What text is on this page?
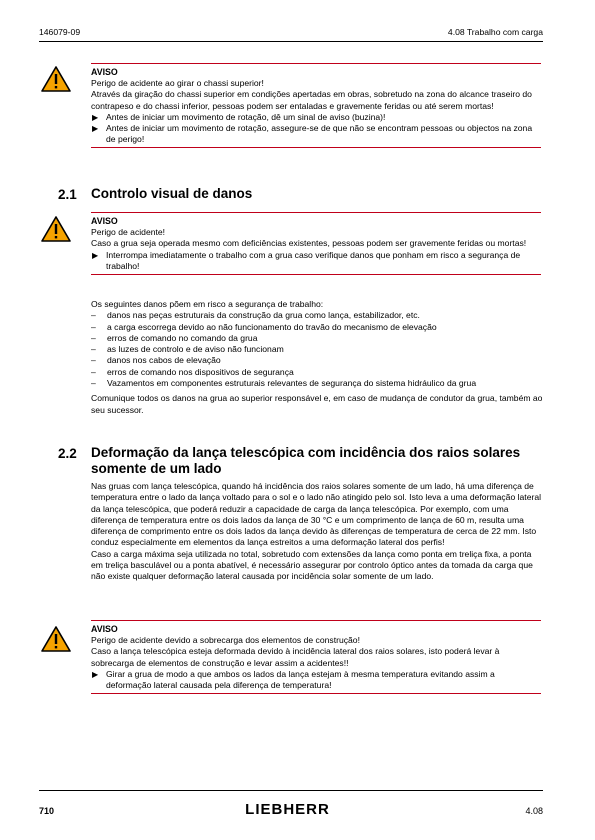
146079-09	4.08 Trabalho com carga
AVISO
Perigo de acidente ao girar o chassi superior!
Através da giração do chassi superior em condições apertadas em obras, sobretudo na zona do alcance traseiro do contrapeso e do chassi inferior, pessoas podem ser entaladas e gravemente feridas ou até serem mortas!
▶ Antes de iniciar um movimento de rotação, dê um sinal de aviso (buzina)!
▶ Antes de iniciar um movimento de rotação, assegure-se de que não se encontram pessoas ou objectos na zona de perigo!
2.1 Controlo visual de danos
AVISO
Perigo de acidente!
Caso a grua seja operada mesmo com deficiências existentes, pessoas podem ser gravemente feridas ou mortas!
▶ Interrompa imediatamente o trabalho com a grua caso verifique danos que ponham em risco a segurança de trabalho!
Os seguintes danos põem em risco a segurança de trabalho:
– danos nas peças estruturais da construção da grua como lança, estabilizador, etc.
– a carga escorrega devido ao não funcionamento do travão do mecanismo de elevação
– erros de comando no comando da grua
– as luzes de controlo e de aviso não funcionam
– danos nos cabos de elevação
– erros de comando nos dispositivos de segurança
– Vazamentos em componentes estruturais relevantes de segurança do sistema hidráulico da grua
Comunique todos os danos na grua ao superior responsável e, em caso de mudança de condutor da grua, também ao seu sucessor.
2.2 Deformação da lança telescópica com incidência dos raios solares somente de um lado
Nas gruas com lança telescópica, quando há incidência dos raios solares somente de um lado, há uma diferença de temperatura entre o lado da lança voltado para o sol e o lado não atingido pelo sol. Isto leva a uma deformação lateral da lança telescópica, que poderá reduzir a capacidade de carga da lança telescópica. Por exemplo, com uma diferença de temperatura entre os dois lados da lança de 30 °C e um comprimento de lança de 60 m, resulta uma diferença de comprimento entre os dois lados da lança devido às diferenças de temperatura de cerca de 22 mm. Isto conduz especialmente em elementos da lança estreitos a uma deformação lateral dos perfis!
Caso a carga máxima seja utilizada no total, sobretudo com extensões da lança como ponta em treliça fixa, a ponta em treliça basculável ou a ponta abatível, é necessário assegurar por controlo óptico antes da tomada da carga que não existe qualquer deformação lateral causada por incidência solar somente de um lado.
AVISO
Perigo de acidente devido a sobrecarga dos elementos de construção!
Caso a lança telescópica esteja deformada devido à incidência lateral dos raios solares, isto poderá levar à sobrecarga de elementos de construção e levar assim a acidentes!!
▶ Girar a grua de modo a que ambos os lados da lança estejam à mesma temperatura evitando assim a deformação lateral causada pela diferença de temperatura!
710	LIEBHERR	4.08
